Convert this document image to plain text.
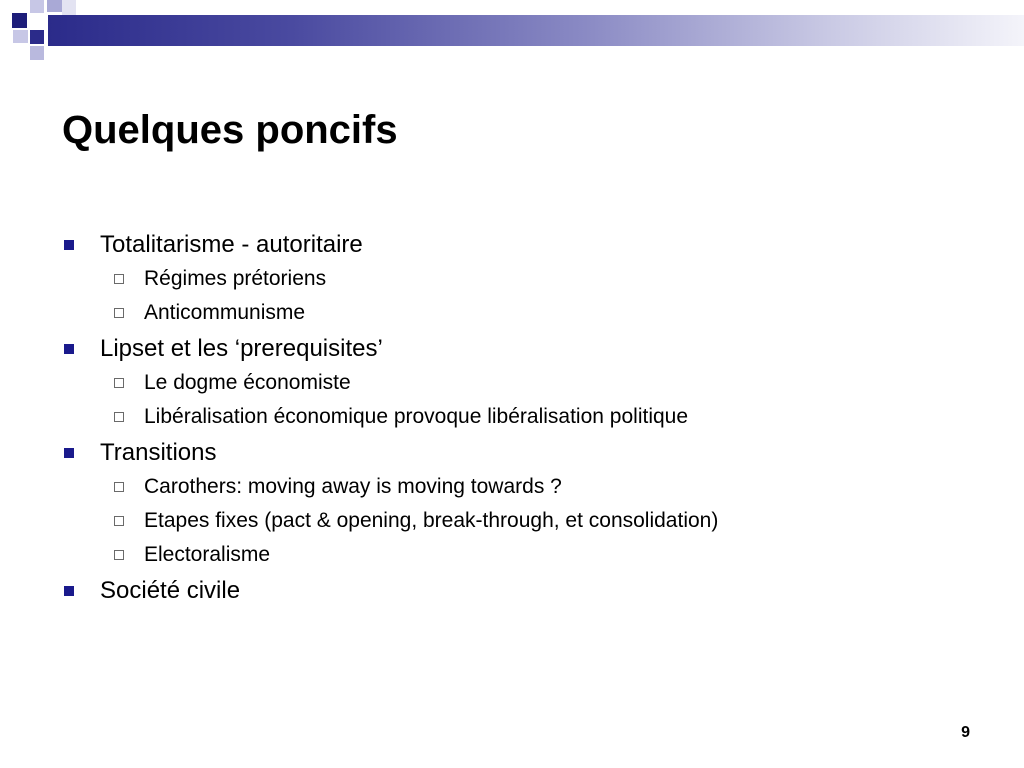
Quelques poncifs
Totalitarisme - autoritaire
Régimes prétoriens
Anticommunisme
Lipset et les ‘prerequisites’
Le dogme économiste
Libéralisation économique provoque libéralisation politique
Transitions
Carothers: moving away is moving towards ?
Etapes fixes (pact & opening, break-through, et consolidation)
Electoralisme
Société civile
9
